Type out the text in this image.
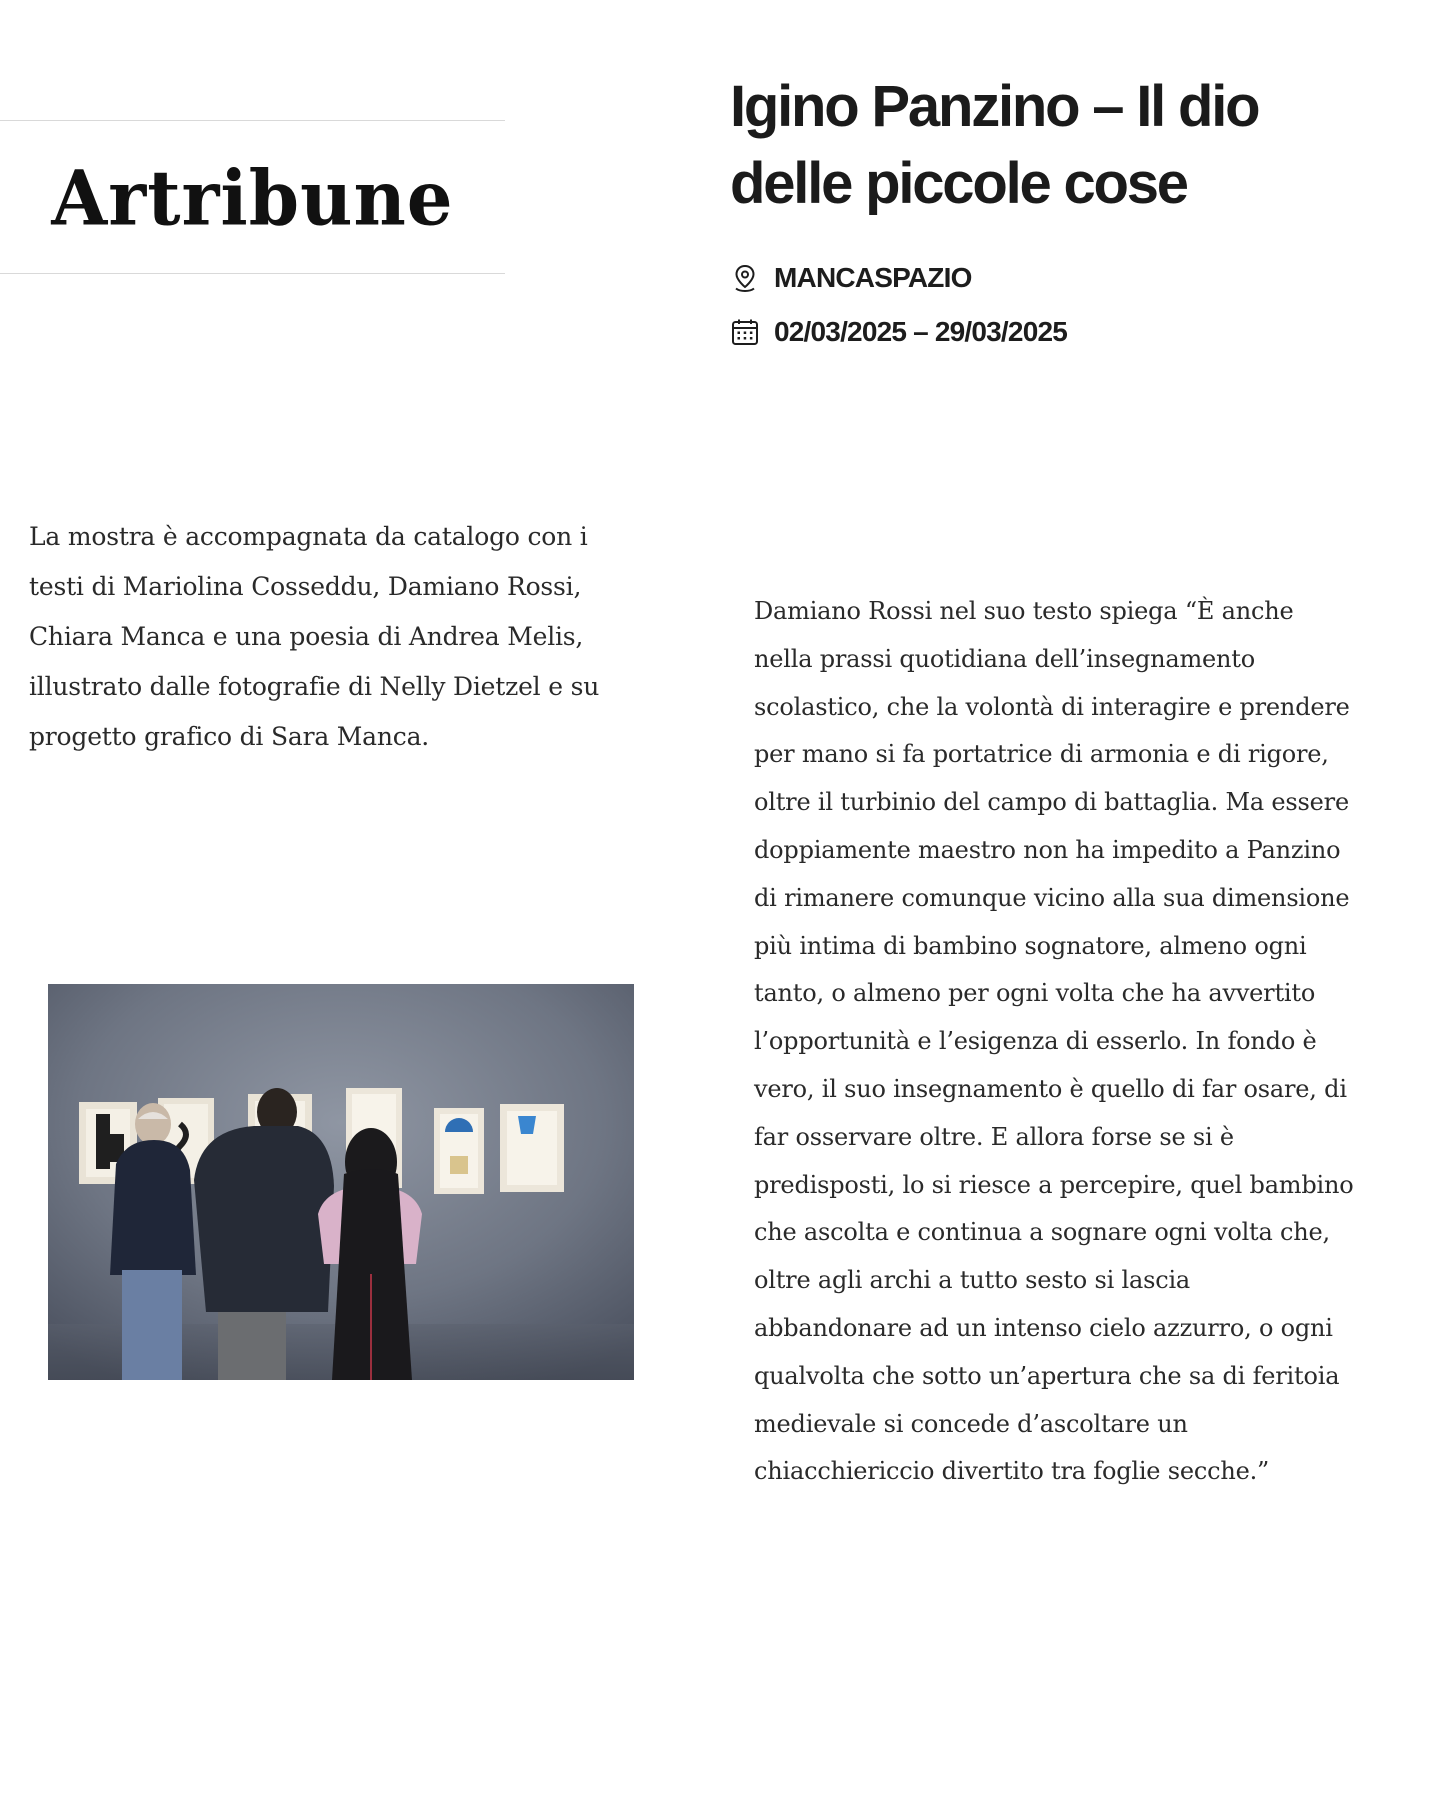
Artribune
Igino Panzino – Il dio delle piccole cose
MANCASPAZIO
02/03/2025 – 29/03/2025

La mostra è accompagnata da catalogo con i testi di Mariolina Cosseddu, Damiano Rossi, Chiara Manca e una poesia di Andrea Melis, illustrato dalle fotografie di Nelly Dietzel e su progetto grafico di Sara Manca.

Damiano Rossi nel suo testo spiega “È anche nella prassi quotidiana dell’insegnamento scolastico, che la volontà di interagire e prendere per mano si fa portatrice di armonia e di rigore, oltre il turbinio del campo di battaglia. Ma essere doppiamente maestro non ha impedito a Panzino di rimanere comunque vicino alla sua dimensione più intima di bambino sognatore, almeno ogni tanto, o almeno per ogni volta che ha avvertito l’opportunità e l’esigenza di esserlo. In fondo è vero, il suo insegnamento è quello di far osare, di far osservare oltre. E allora forse se si è predisposti, lo si riesce a percepire, quel bambino che ascolta e continua a sognare ogni volta che, oltre agli archi a tutto sesto si lascia abbandonare ad un intenso cielo azzurro, o ogni qualvolta che sotto un’apertura che sa di feritoia medievale si concede d’ascoltare un chiacchiericcio divertito tra foglie secche.”
